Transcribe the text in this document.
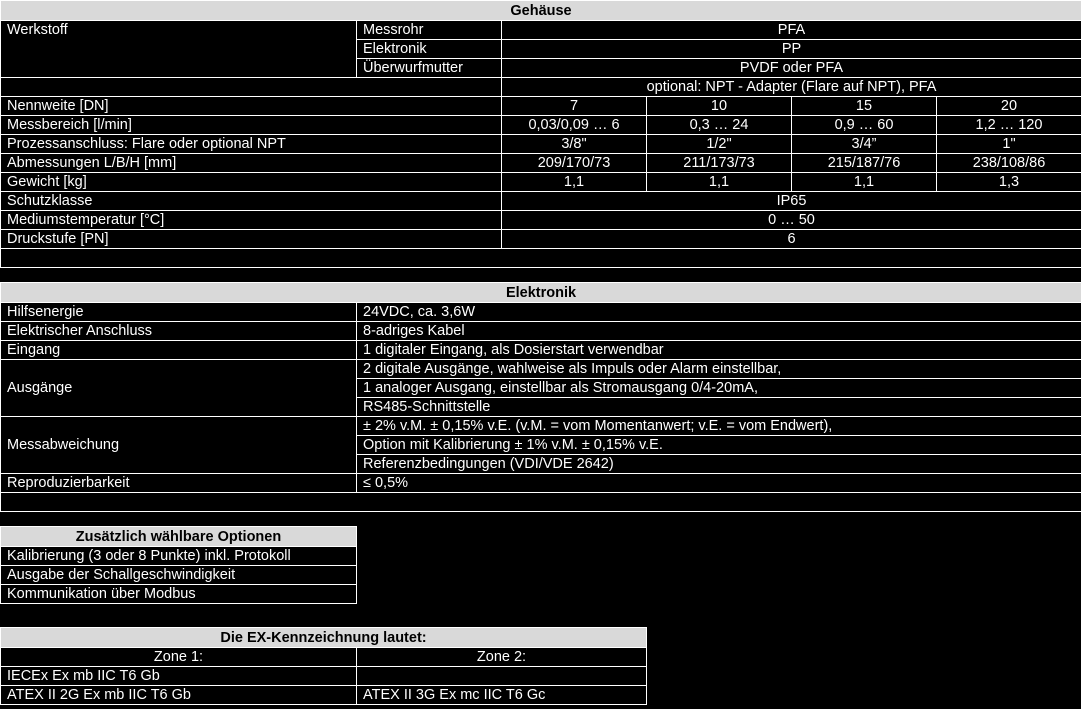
Gehäuse					
Werkstoff	Messrohr	PFA			
	Elektronik	PP			
	Überwurfmutter	PVDF oder PFA			
		optional: NPT - Adapter (Flare auf NPT), PFA			
Nennweite [DN]		7	10	15	20
Messbereich [l/min]		0,03/0,09 … 6	0,3 … 24	0,9 … 60	1,2 … 120
Prozessanschluss: Flare oder optional NPT		3/8"	1/2"	3/4”	1"
Abmessungen L/B/H [mm]		209/170/73	211/173/73	215/187/76	238/108/86
Gewicht [kg]		1,1	1,1	1,1	1,3
Schutzklasse		IP65			
Mediumstemperatur [°C]		0 … 50			
Druckstufe [PN]		6			

Elektronik	
Hilfsenergie	24VDC, ca. 3,6W
Elektrischer Anschluss	8-adriges Kabel
Eingang	1 digitaler Eingang, als Dosierstart verwendbar
Ausgänge	2 digitale Ausgänge, wahlweise als Impuls oder Alarm einstellbar,
	1 analoger Ausgang, einstellbar als Stromausgang 0/4-20mA,
	RS485-Schnittstelle
Messabweichung	± 2% v.M. ± 0,15% v.E. (v.M. = vom Momentanwert; v.E. = vom Endwert),
	Option mit Kalibrierung ± 1% v.M. ± 0,15% v.E.
	Referenzbedingungen (VDI/VDE 2642)
Reproduzierbarkeit	≤ 0,5%

Zusätzlich wählbare Optionen
Kalibrierung (3 oder 8 Punkte) inkl. Protokoll
Ausgabe der Schallgeschwindigkeit
Kommunikation über Modbus
Die EX-Kennzeichnung lautet:	
Zone 1:	Zone 2:
IECEx Ex mb IIC T6 Gb	
ATEX II 2G Ex mb IIC T6 Gb	ATEX II 3G Ex mc IIC T6 Gc
